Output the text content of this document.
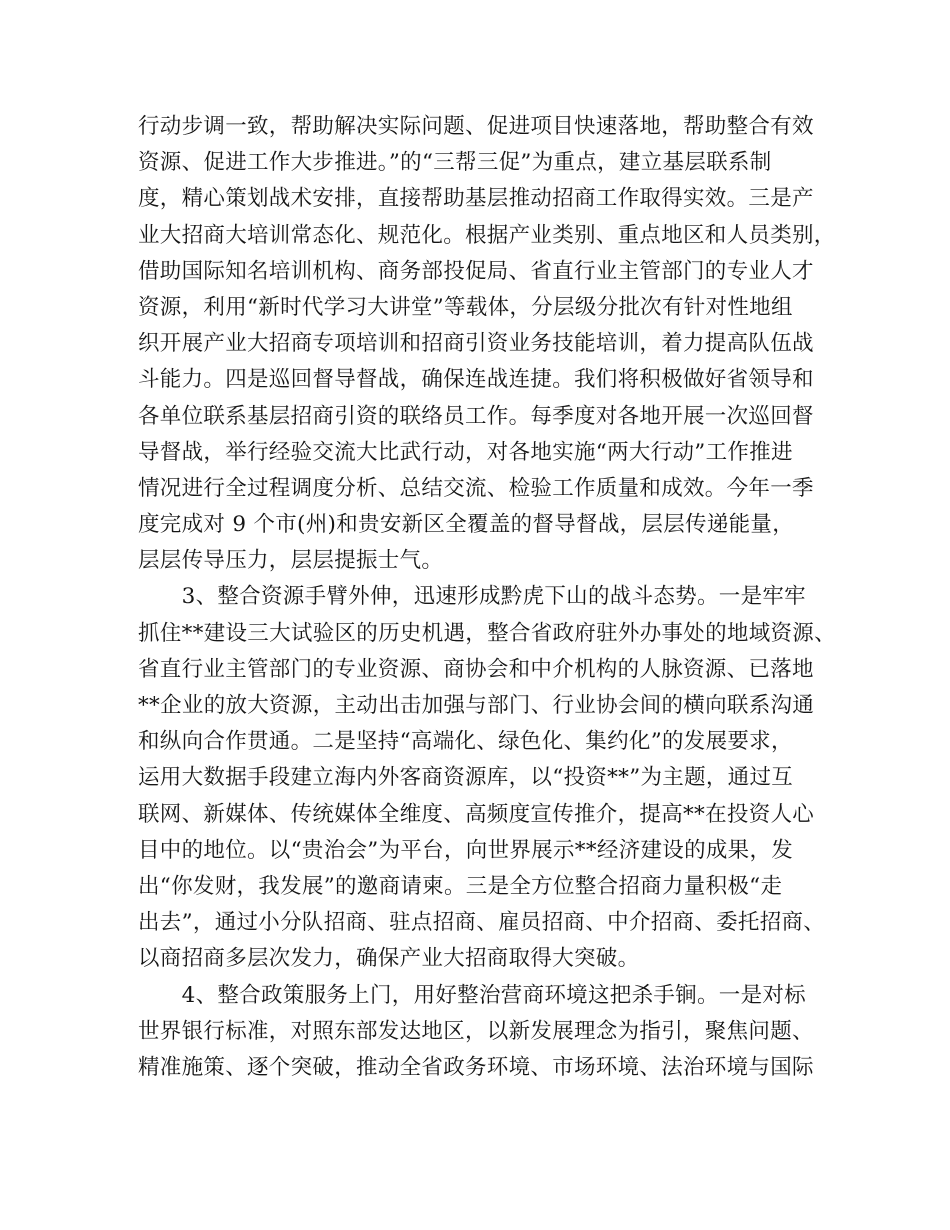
行动步调一致，帮助解决实际问题、促进项目快速落地，帮助整合有效
资源、促进工作大步推进。”的“三帮三促”为重点，建立基层联系制
度，精心策划战术安排，直接帮助基层推动招商工作取得实效。三是产
业大招商大培训常态化、规范化。根据产业类别、重点地区和人员类别，
借助国际知名培训机构、商务部投促局、省直行业主管部门的专业人才
资源，利用“新时代学习大讲堂”等载体，分层级分批次有针对性地组
织开展产业大招商专项培训和招商引资业务技能培训，着力提高队伍战
斗能力。四是巡回督导督战，确保连战连捷。我们将积极做好省领导和
各单位联系基层招商引资的联络员工作。每季度对各地开展一次巡回督
导督战，举行经验交流大比武行动，对各地实施“两大行动”工作推进
情况进行全过程调度分析、总结交流、检验工作质量和成效。今年一季
度完成对 9 个市(州)和贵安新区全覆盖的督导督战，层层传递能量，
层层传导压力，层层提振士气。
　　3、整合资源手臂外伸，迅速形成黔虎下山的战斗态势。一是牢牢
抓住**建设三大试验区的历史机遇，整合省政府驻外办事处的地域资源、
省直行业主管部门的专业资源、商协会和中介机构的人脉资源、已落地
**企业的放大资源，主动出击加强与部门、行业协会间的横向联系沟通
和纵向合作贯通。二是坚持“高端化、绿色化、集约化”的发展要求，
运用大数据手段建立海内外客商资源库，以“投资**”为主题，通过互
联网、新媒体、传统媒体全维度、高频度宣传推介，提高**在投资人心
目中的地位。以“贵治会”为平台，向世界展示**经济建设的成果，发
出“你发财，我发展”的邀商请柬。三是全方位整合招商力量积极“走
出去”，通过小分队招商、驻点招商、雇员招商、中介招商、委托招商、
以商招商多层次发力，确保产业大招商取得大突破。
　　4、整合政策服务上门，用好整治营商环境这把杀手锏。一是对标
世界银行标准，对照东部发达地区，以新发展理念为指引，聚焦问题、
精准施策、逐个突破，推动全省政务环境、市场环境、法治环境与国际
